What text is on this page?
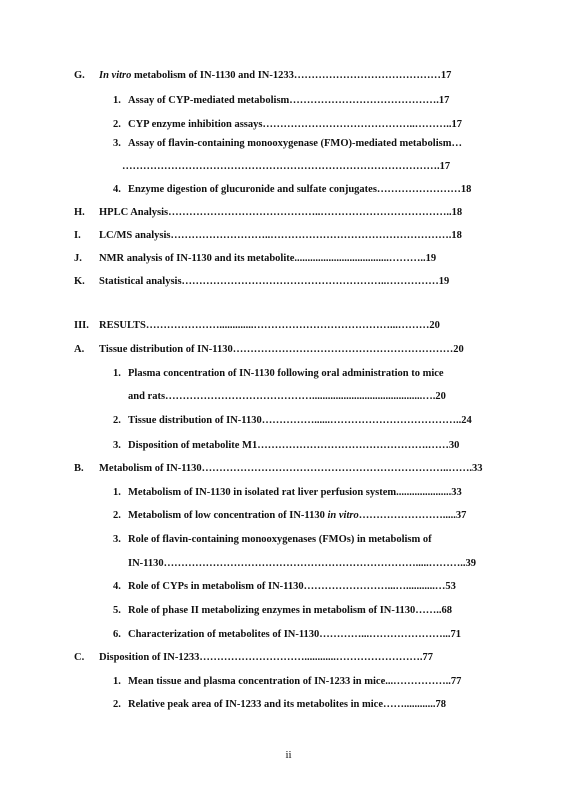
G. In vitro metabolism of IN-1130 and IN-1233……………………………………17
1. Assay of CYP-mediated metabolism…………………………………….17
2. CYP enzyme inhibition assays……………………………………..………..17
3. Assay of flavin-containing monooxygenase (FMO)-mediated metabolism…
……………………………………………………………………………….17
4. Enzyme digestion of glucuronide and sulfate conjugates……………………18
H. HPLC Analysis……………………………………..………………………………..18
I. LC/MS analysis………………………..…………………………………………….18
J. NMR analysis of IN-1130 and its metabolite....................................………..19
K. Statistical analysis…………………………………………………..……………19
III. RESULTS………………….............…………………………………...………20
A. Tissue distribution of IN-1130………………………………………………………20
1. Plasma concentration of IN-1130 following oral administration to mice
and rats……………………………………..........................................….20
2. Tissue distribution of IN-1130……………......………………………………..24
3. Disposition of metabolite M1………………………………………….……30
B. Metabolism of IN-1130……………………………………………………………..…….33
1. Metabolism of IN-1130 in isolated rat liver perfusion system.....................33
2. Metabolism of low concentration of IN-1130 in vitro…………………….....37
3. Role of flavin-containing monooxygenases (FMOs) in metabolism of
IN-1130……………………………………………………………….....………..39
4. Role of CYPs in metabolism of IN-1130……………………...…...........…53
5. Role of phase II metabolizing enzymes in metabolism of IN-1130……..68
6. Characterization of metabolites of IN-1130…………...…………………...71
C. Disposition of IN-1233…………………………............…………………….77
1. Mean tissue and plasma concentration of IN-1233 in mice...……………..77
2. Relative peak area of IN-1233 and its metabolites in mice……............78
ii
